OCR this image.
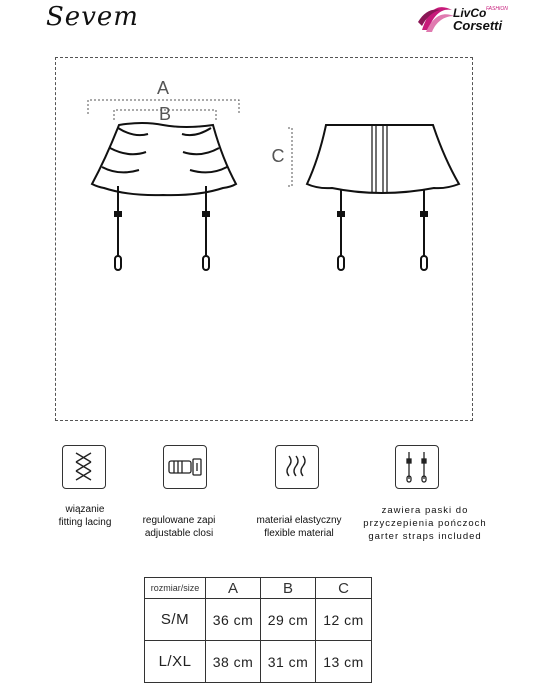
Sevem	LivCo FASHION
Corsetti
A
B
C
wiązanie
fitting lacing	regulowane zapi
adjustable closi
materiał elastyczny
flexible material
zawiera paski do
przyczepienia pończoch
garter straps included
rozmiar/size	A	B	C
S/M	36 cm	29 cm	12 cm
L/XL	38 cm	31 cm	13 cm
